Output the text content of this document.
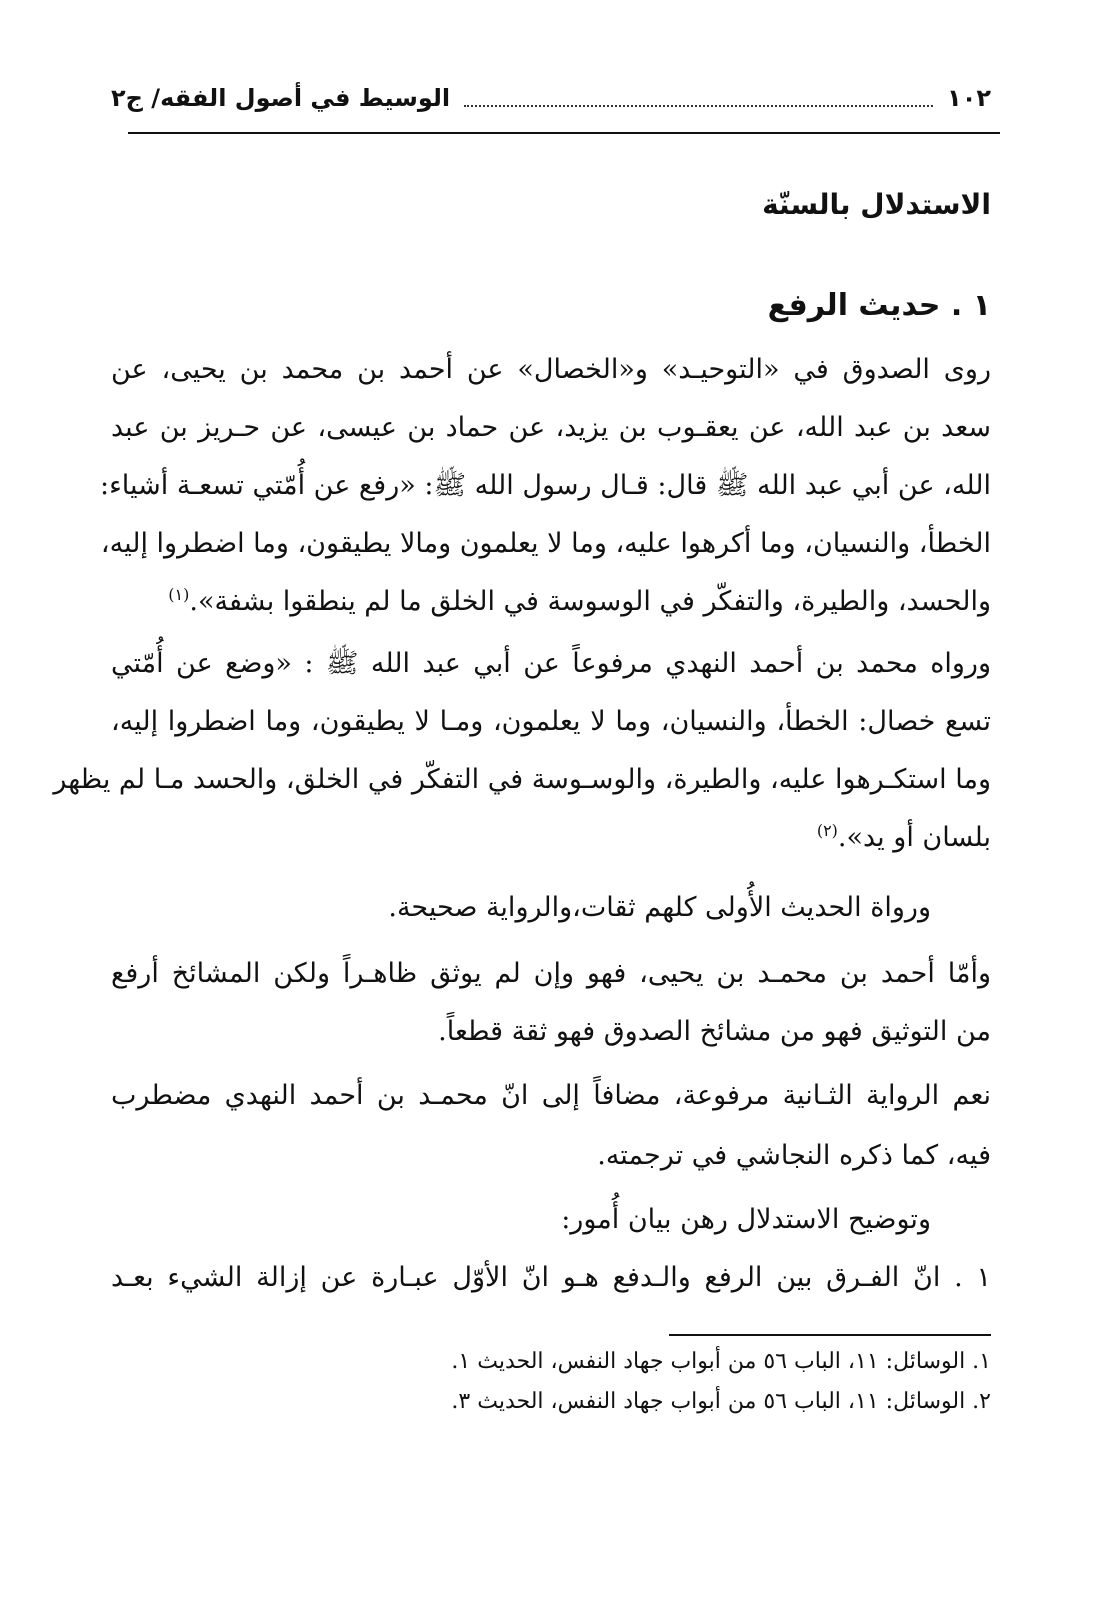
١٠٢
الوسيط في أصول الفقه/ ج٢
الاستدلال بالسنّة
١ . حديث الرفع
روى الصدوق في «التوحيـد» و«الخصال» عن أحمد بن محمد بن يحيى، عن
سعد بن عبد الله، عن يعقـوب بن يزيد، عن حماد بن عيسى، عن حـريز بن عبد
الله، عن أبي عبد الله ﷺ قال: قـال رسول الله ﷺ: «رفع عن أُمّتي تسعـة أشياء:
الخطأ، والنسيان، وما أكرهوا عليه، وما لا يعلمون ومالا يطيقون، وما اضطروا إليه،
والحسد، والطيرة، والتفكّر في الوسوسة في الخلق ما لم ينطقوا بشفة».$^{(١)}$
ورواه محمد بن أحمد النهدي مرفوعاً عن أبي عبد الله ﷺ : «وضع عن أُمّتي
تسع خصال: الخطأ، والنسيان، وما لا يعلمون، ومـا لا يطيقون، وما اضطروا إليه،
وما استكـرهوا عليه، والطيرة، والوسـوسة في التفكّر في الخلق، والحسد مـا لم يظهر
بلسان أو يد».$^{(٢)}$
ورواة الحديث الأُولى كلهم ثقات،والرواية صحيحة.
وأمّا أحمد بن محمـد بن يحيى، فهو وإن لم يوثق ظاهـراً ولكن المشائخ أرفع
من التوثيق فهو من مشائخ الصدوق فهو ثقة قطعاً.
نعم الرواية الثـانية مرفوعة، مضافاً إلى انّ محمـد بن أحمد النهدي مضطرب
فيه، كما ذكره النجاشي في ترجمته.
وتوضيح الاستدلال رهن بيان أُمور:
١ . انّ الفـرق بين الرفع والـدفع هـو انّ الأوّل عبـارة عن إزالة الشيء بعـد
١. الوسائل: ١١، الباب ٥٦ من أبواب جهاد النفس، الحديث ١.
٢. الوسائل: ١١، الباب ٥٦ من أبواب جهاد النفس، الحديث ٣.
